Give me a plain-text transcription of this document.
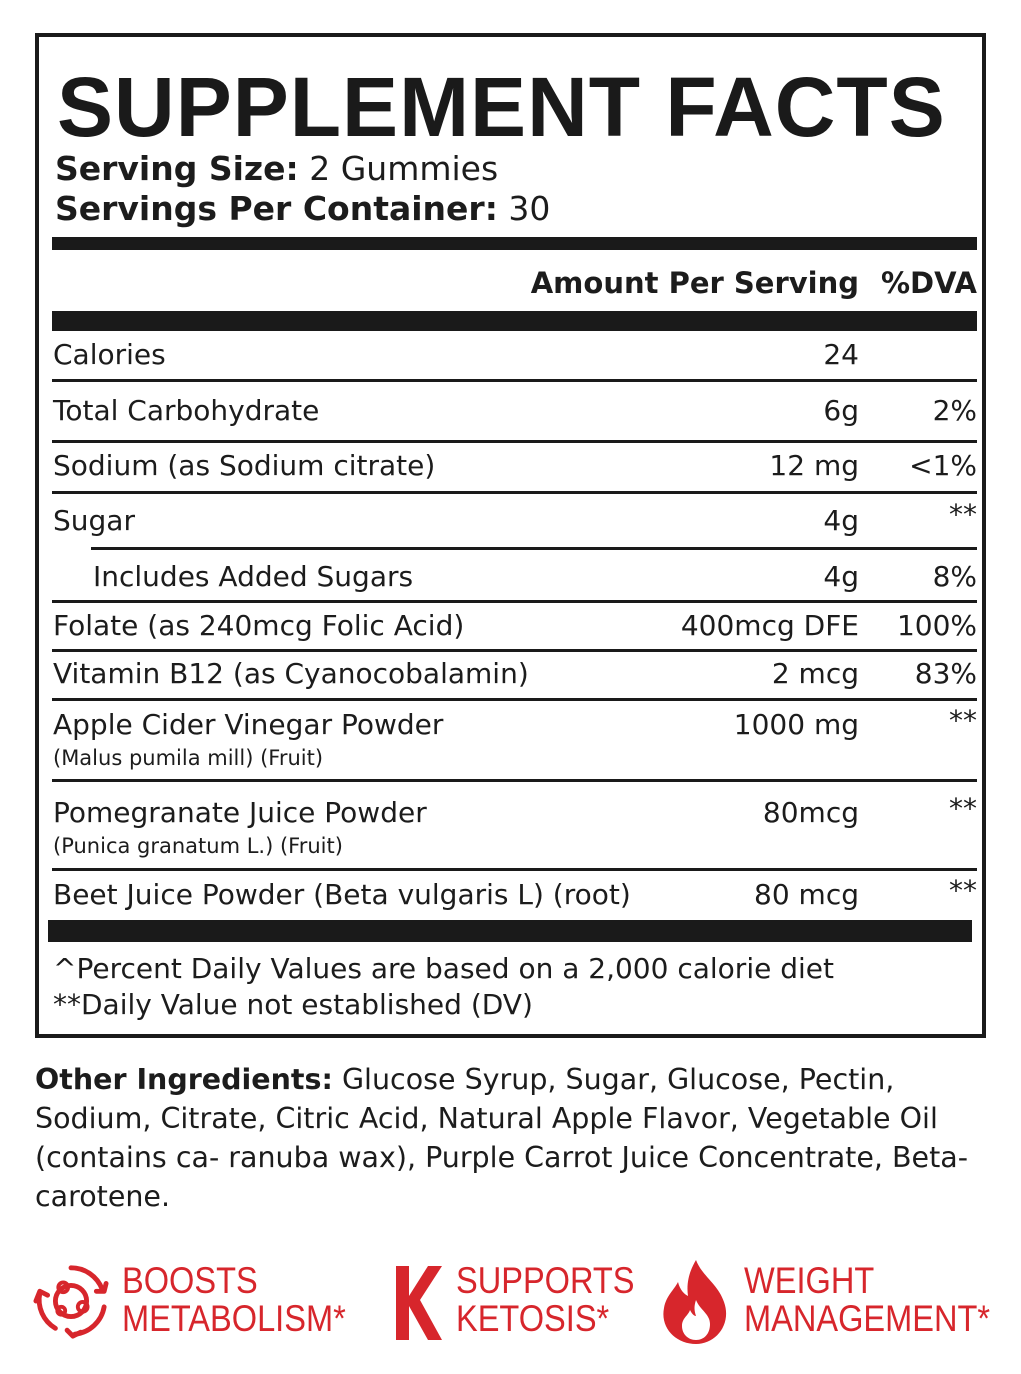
SUPPLEMENT FACTS
Serving Size: 2 Gummies
Servings Per Container: 30
Amount Per Serving %DVA
Calories	24
Total Carbohydrate	6g	2%
Sodium (as Sodium citrate)	12 mg	<1%
Sugar	4g	**
Includes Added Sugars	4g	8%
Folate (as 240mcg Folic Acid)	400mcg DFE	100%
Vitamin B12 (as Cyanocobalamin)	2 mcg	83%
Apple Cider Vinegar Powder
(Malus pumila mill) (Fruit)
1000 mg	**
Pomegranate Juice Powder
(Punica granatum L.) (Fruit)
80mcg	**
Beet Juice Powder (Beta vulgaris L) (root)	80 mcg	**
^Percent Daily Values are based on a 2,000 calorie diet
**Daily Value not established (DV)

Other Ingredients: Glucose Syrup, Sugar, Glucose, Pectin, Sodium, Citrate, Citric Acid, Natural Apple Flavor, Vegetable Oil (contains ca- ranuba wax), Purple Carrot Juice Concentrate, Beta-carotene.

BOOSTS
METABOLISM*
SUPPORTS
KETOSIS*
WEIGHT
MANAGEMENT*
